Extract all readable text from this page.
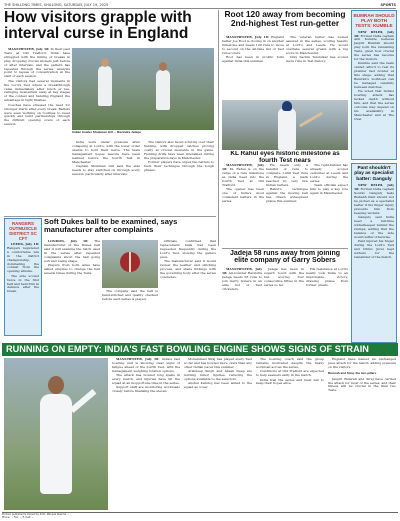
THE SHILLONG TIMES, SHILLONG, SATURDAY, JULY 19, 2025	SPORTS
How visitors grapple with interval curse in England

MANCHESTER, July 18: In their past Tests at Old Trafford, India have struggled with the timing of breaks in play, dropping crucial wickets just before or after intervals, and the pattern has repeated through the series. Analysts point to lapses of concentration at the start of each session.

The visitors had several moments in the Lord's Test where a breakthrough came immediately after lunch or tea, swinging momentum away at key stages of the contest and handing England the advantage in tight finishes.

Coaches have stressed the need for stronger starts after every break. Batters were seen working on routines to reset quickly and build partnerships through the difficult opening overs of each session.

Indian bowler Shubman Gill ... Ravindra Jadeja

India were under pressure after collapsing at Lord's, with the lower order unable to hold their nerve. The team management hopes lessons have been learned before the fourth Test in Manchester.

Captain Shubman Gill said the side needs to stay switched on through every session, particularly after intervals.

The visitors also faced scrutiny over their fielding, with dropped catches proving costly at crucial moments in the game. Fielding drills have been intensified during the preparation days in Manchester.

Former players have urged the batters to back their technique through the tough phases.

Root 120 away from becoming 2nd-highest Test run-getter

MANCHESTER, July 18: England batter Joe Root is closing in on another milestone and needs 120 runs to move to second on the all-time list of Test run-scorers.

Root has been in prolific form against India this summer.

The veteran batter has looked assured in the series, scoring heavily at Lord's and Leeds. He would overtake several greats with a big score in Manchester.

Only Sachin Tendulkar has scored more runs in Test history.

BUMRAH SHOULD PLAY BOTH TESTS: KUMBLE

NEW DELHI, July 18: Former India captain Anil Kumble believes Jasprit Bumrah should play both the remaining Tests, given how crucial the series has become for the visitors.

Kumble said the team cannot afford to rest its premier fast bowler at this stage, adding that Bumrah's workload can be managed carefully between matches.

He noted that India's bowling attack has lacked depth without him, and that the series outcome may depend on his availability in Manchester and at The Oval.

KL Rahul eyes historic milestone as fourth Test nears

MANCHESTER, July 18: KL Rahul is on the verge of a rare milestone as India head into the fourth Test at Old Trafford.

The opener has been one of India's most consistent batters in the series.

He needs only a handful of runs to complete 1,000 Test runs in England, a mark reached by very few Indian batters.

Rahul's technique against the moving ball has drawn widespread praise this summer.

The right-hander has already scored centuries at Leeds and Lord's during the series.

Team officials expect him to play a key role again in Manchester.

Pant shouldn't play as specialist batter: Ganguly

NEW DELHI, July 18: Former India captain Sourav Ganguly feels Rishabh Pant should not be picked as a specialist batter if his finger injury prevents him from keeping wickets.

Ganguly said India need a full-time wicketkeeper behind the stumps, adding that the balance of the side would suffer otherwise.

Pant injured his finger during the Lord's Test and Dhruv Jurel kept wickets for the remainder of the match.

RANGERS OUTMUSCLE DISTRICT SC CFT

LEEDS, July 18: Rangers registered a comfortable win in the district championship, dominating the contest from the opening whistle.

The side scored twice in the first half and held firm in defence after the break.

Soft Dukes ball to be examined, says manufacturer after complaints

LONDON, July 18: The manufacturer of the Dukes ball said it will examine the batch used in the series after repeated complaints about the ball going soft and losing shape.

Players from both sides have asked umpires to change the ball several times during the Tests.

The company said the ball is hand-stitched and quality checked before each series is played.

Officials confirmed that replacement balls had been requested frequently during the Lord's Test, slowing the game's pace.

The manufacturer said it would review the leather and stitching process, and share findings with the governing body after the series concludes.

Jadeja 58 runs away from joining elite company of Garry Sobers

MANCHESTER, July 18: All-rounder Ravindra Jadeja needs 58 runs to join Garry Sobers in an elite list of Test cricketers.

Jadeja has been in superb touch with the bat, scoring four consecutive fifties in the series so far.

His resistance at Lord's nearly took India to an improbable victory, drawing praise from former greats.

RUNNING ON EMPTY: INDIA'S FAST BOWLING ENGINE SHOWS SIGNS OF STRAIN

MANCHESTER, July 18: India's fast bowling unit is showing clear signs of fatigue ahead of the fourth Test, with the management weighing rotation options.

The attack has bowled long spells in every match, and injuries have hit the squad at an inopportune time in the series.

Support staff are monitoring workloads closely before finalising the eleven.

Mohammed Siraj has played every Test so far and has bowled more overs than any other Indian pacer this summer.

Arshdeep Singh and Akash Deep are nursing minor injuries, reducing the options available to the selectors.

Anshul Kamboj has been added to the squad as cover.

The bowling coach said the group remains motivated despite the heavy workload across the series.

Conditions at Old Trafford are expected to help seamers early in the match.

India trail the series and must win to keep their hopes alive.

England have named an unchanged pace attack for the match, adding pressure on the visitors.

Bumrah and Siraj: the two pillars

Jasprit Bumrah and Siraj have carried the attack for most of the series, and their fitness will be crucial in the final two Tests.

Printed, published & Owned by Smti. Manjula Sharma ...
Phone: ... Fax: ... E-mail: ...
